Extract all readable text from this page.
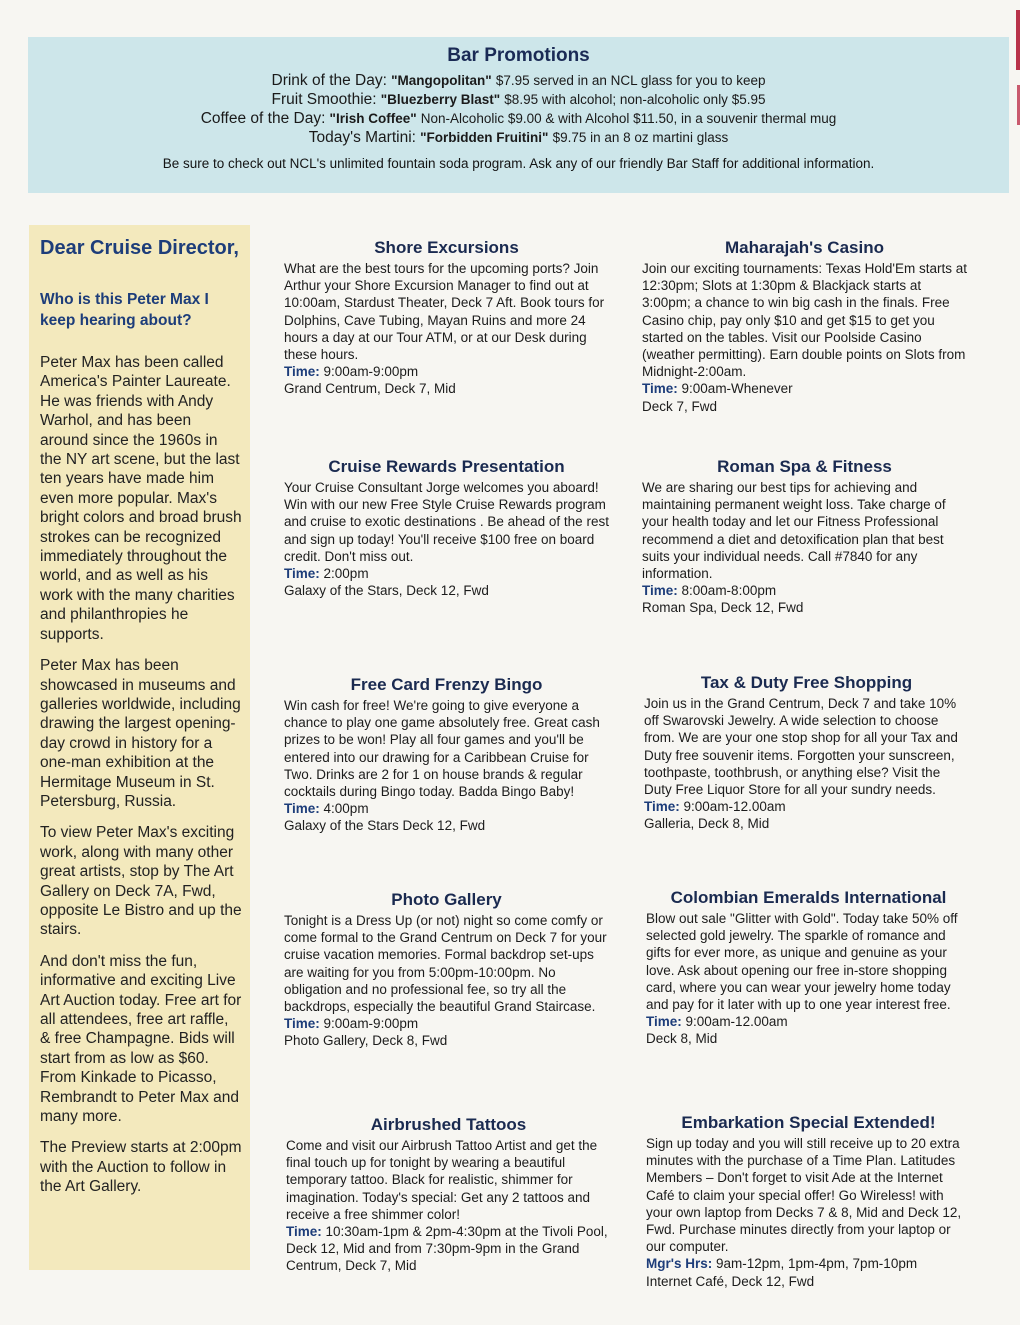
Bar Promotions
Drink of the Day: "Mangopolitan" $7.95 served in an NCL glass for you to keep
Fruit Smoothie: "Bluezberry Blast" $8.95 with alcohol; non-alcoholic only $5.95
Coffee of the Day: "Irish Coffee" Non-Alcoholic $9.00 & with Alcohol $11.50, in a souvenir thermal mug
Today's Martini: "Forbidden Fruitini" $9.75 in an 8 oz martini glass
Be sure to check out NCL's unlimited fountain soda program. Ask any of our friendly Bar Staff for additional information.
Dear Cruise Director,
Who is this Peter Max I keep hearing about?

Peter Max has been called America's Painter Laureate. He was friends with Andy Warhol, and has been around since the 1960s in the NY art scene, but the last ten years have made him even more popular. Max's bright colors and broad brush strokes can be recognized immediately throughout the world, and as well as his work with the many charities and philanthropies he supports.

Peter Max has been showcased in museums and galleries worldwide, including drawing the largest opening-day crowd in history for a one-man exhibition at the Hermitage Museum in St. Petersburg, Russia.

To view Peter Max's exciting work, along with many other great artists, stop by The Art Gallery on Deck 7A, Fwd, opposite Le Bistro and up the stairs.

And don't miss the fun, informative and exciting Live Art Auction today. Free art for all attendees, free art raffle, & free Champagne. Bids will start from as low as $60. From Kinkade to Picasso, Rembrandt to Peter Max and many more.

The Preview starts at 2:00pm with the Auction to follow in the Art Gallery.

Shore Excursions

What are the best tours for the upcoming ports? Join Arthur your Shore Excursion Manager to find out at 10:00am, Stardust Theater, Deck 7 Aft. Book tours for Dolphins, Cave Tubing, Mayan Ruins and more 24 hours a day at our Tour ATM, or at our Desk during these hours.

Time: 9:00am-9:00pm

Grand Centrum, Deck 7, Mid

Cruise Rewards Presentation

Your Cruise Consultant Jorge welcomes you aboard! Win with our new Free Style Cruise Rewards program and cruise to exotic destinations . Be ahead of the rest and sign up today! You'll receive $100 free on board credit. Don't miss out.

Time: 2:00pm

Galaxy of the Stars, Deck 12, Fwd

Free Card Frenzy Bingo

Win cash for free! We're going to give everyone a chance to play one game absolutely free. Great cash prizes to be won! Play all four games and you'll be entered into our drawing for a Caribbean Cruise for Two. Drinks are 2 for 1 on house brands & regular cocktails during Bingo today. Badda Bingo Baby!

Time: 4:00pm

Galaxy of the Stars Deck 12, Fwd

Photo Gallery

Tonight is a Dress Up (or not) night so come comfy or come formal to the Grand Centrum on Deck 7 for your cruise vacation memories. Formal backdrop set-ups are waiting for you from 5:00pm-10:00pm. No obligation and no professional fee, so try all the backdrops, especially the beautiful Grand Staircase.

Time: 9:00am-9:00pm

Photo Gallery, Deck 8, Fwd

Airbrushed Tattoos

Come and visit our Airbrush Tattoo Artist and get the final touch up for tonight by wearing a beautiful temporary tattoo. Black for realistic, shimmer for imagination. Today's special: Get any 2 tattoos and receive a free shimmer color!

Time: 10:30am-1pm & 2pm-4:30pm at the Tivoli Pool, Deck 12, Mid and from 7:30pm-9pm in the Grand Centrum, Deck 7, Mid

Maharajah's Casino

Join our exciting tournaments: Texas Hold'Em starts at 12:30pm; Slots at 1:30pm & Blackjack starts at 3:00pm; a chance to win big cash in the finals. Free Casino chip, pay only $10 and get $15 to get you started on the tables. Visit our Poolside Casino (weather permitting). Earn double points on Slots from Midnight-2:00am.

Time: 9:00am-Whenever

Deck 7, Fwd

Roman Spa & Fitness

We are sharing our best tips for achieving and maintaining permanent weight loss. Take charge of your health today and let our Fitness Professional recommend a diet and detoxification plan that best suits your individual needs. Call #7840 for any information.

Time: 8:00am-8:00pm

Roman Spa, Deck 12, Fwd

Tax & Duty Free Shopping

Join us in the Grand Centrum, Deck 7 and take 10% off Swarovski Jewelry. A wide selection to choose from. We are your one stop shop for all your Tax and Duty free souvenir items. Forgotten your sunscreen, toothpaste, toothbrush, or anything else? Visit the Duty Free Liquor Store for all your sundry needs.

Time: 9:00am-12.00am

Galleria, Deck 8, Mid

Colombian Emeralds International

Blow out sale "Glitter with Gold". Today take 50% off selected gold jewelry. The sparkle of romance and gifts for ever more, as unique and genuine as your love. Ask about opening our free in-store shopping card, where you can wear your jewelry home today and pay for it later with up to one year interest free.

Time: 9:00am-12.00am

Deck 8, Mid

Embarkation Special Extended!

Sign up today and you will still receive up to 20 extra minutes with the purchase of a Time Plan. Latitudes Members – Don't forget to visit Ade at the Internet Café to claim your special offer! Go Wireless! with your own laptop from Decks 7 & 8, Mid and Deck 12, Fwd. Purchase minutes directly from your laptop or our computer.

Mgr's Hrs: 9am-12pm, 1pm-4pm, 7pm-10pm

Internet Café, Deck 12, Fwd
